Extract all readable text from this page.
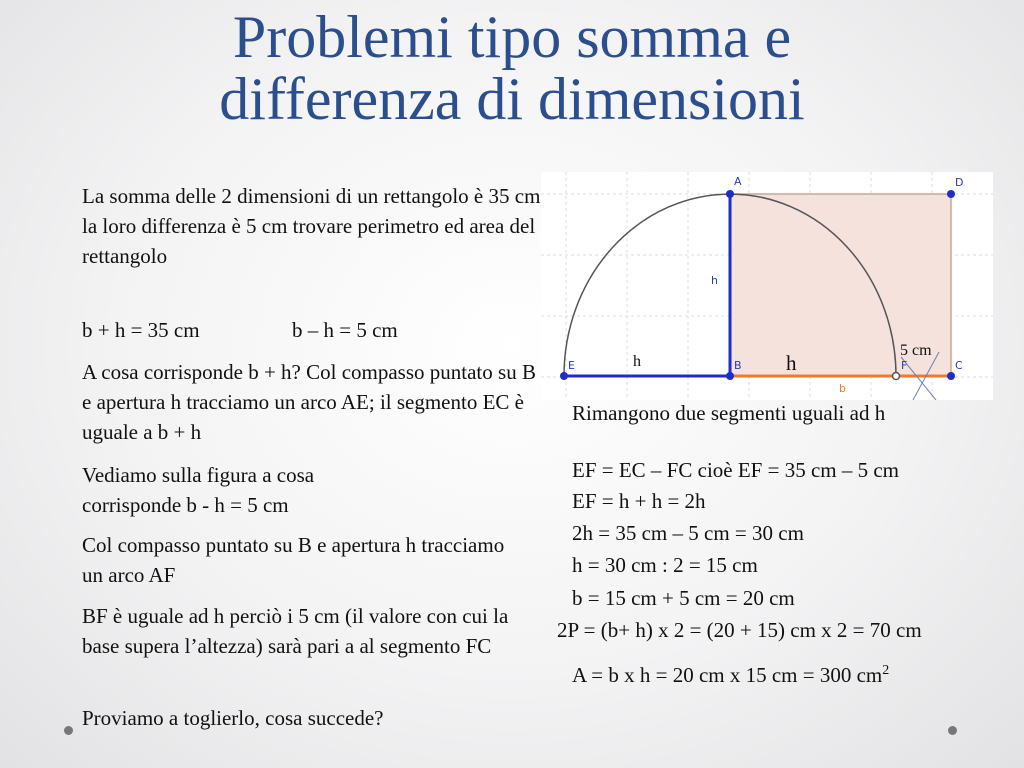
Problemi tipo somma e
differenza di dimensioni

La somma delle 2 dimensioni di un rettangolo è 35 cm la loro differenza è 5 cm trovare perimetro ed area del rettangolo

b + h = 35 cm	b – h = 5 cm

A cosa corrisponde b + h? Col compasso puntato su B e apertura h tracciamo un arco AE; il segmento EC è uguale a b + h

Vediamo sulla figura a cosa corrisponde b - h = 5 cm

Col compasso puntato su B e apertura h tracciamo un arco AF

BF è uguale ad h perciò i 5 cm (il valore con cui la base supera l’altezza) sarà pari a al segmento FC

Proviamo a toglierlo, cosa succede?

A	D
E	B	C
F
h
b
h	h
5 cm

Rimangono due segmenti uguali ad h

EF = EC – FC cioè EF = 35 cm – 5 cm

EF = h + h = 2h

2h = 35 cm – 5 cm = 30 cm

h = 30 cm : 2 = 15 cm

b = 15 cm + 5 cm = 20 cm

2P = (b+ h) x 2 = (20 + 15) cm x 2 = 70 cm

A = b x h = 20 cm x 15 cm = 300 $cm^2$
